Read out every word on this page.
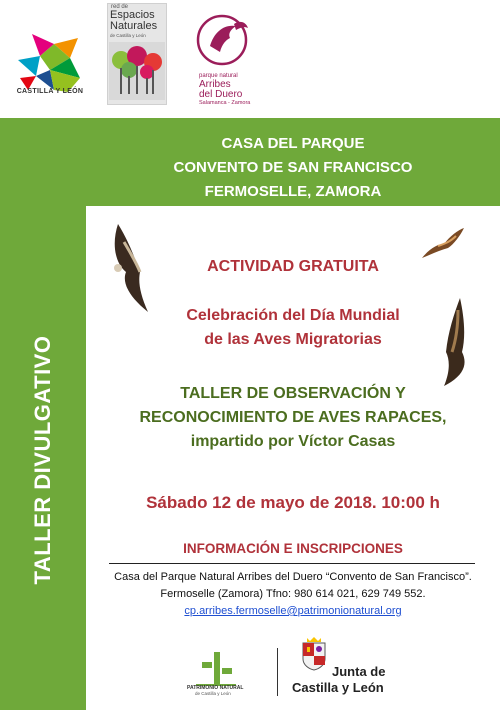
CASTILLA Y LEÓN
red de
Espacios
Naturales
de Castilla y León
parque natural
Arribes
del Duero
Salamanca - Zamora
CASA DEL PARQUE
CONVENTO DE SAN FRANCISCO
FERMOSELLE, ZAMORA
TALLER DIVULGATIVO
ACTIVIDAD GRATUITA
Celebración del Día Mundial
de las Aves Migratorias
TALLER DE OBSERVACIÓN Y
RECONOCIMIENTO DE AVES RAPACES,
impartido por Víctor Casas
Sábado 12 de mayo de 2018. 10:00 h
INFORMACIÓN E INSCRIPCIONES
Casa del Parque Natural Arribes del Duero “Convento de San Francisco”.
Fermoselle (Zamora) Tfno: 980 614 021, 629 749 552.
cp.arribes.fermoselle@patrimonionatural.org
PATRIMONIO NATURAL
de Castilla y León
Junta de
Castilla y León
